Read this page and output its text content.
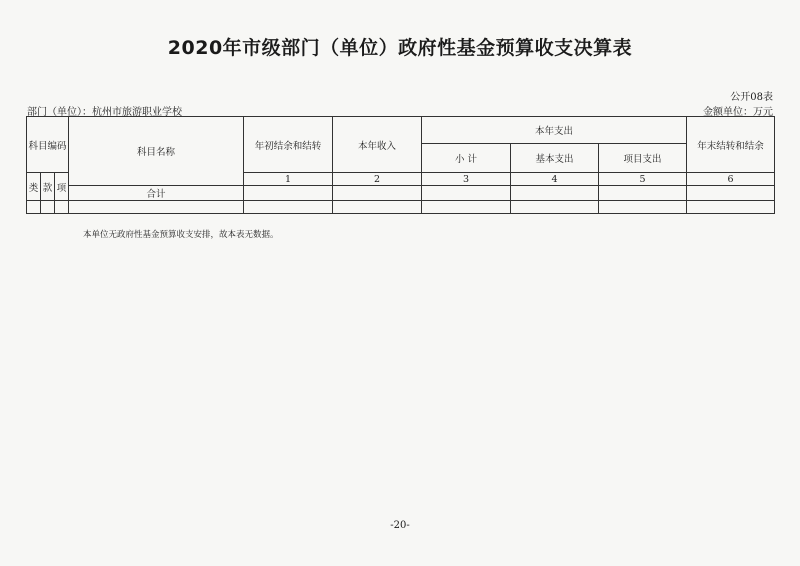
2020年市级部门（单位）政府性基金预算收支决算表
公开08表
部门（单位）：杭州市旅游职业学校	金额单位：万元
科目编码			科目名称	年初结余和结转	本年收入	本年支出			年末结转和结余
						小 计	基本支出	项目支出	
类	款	项		1	2	3	4	5	6
			合计						

本单位无政府性基金预算收支安排，故本表无数据。
-20-
